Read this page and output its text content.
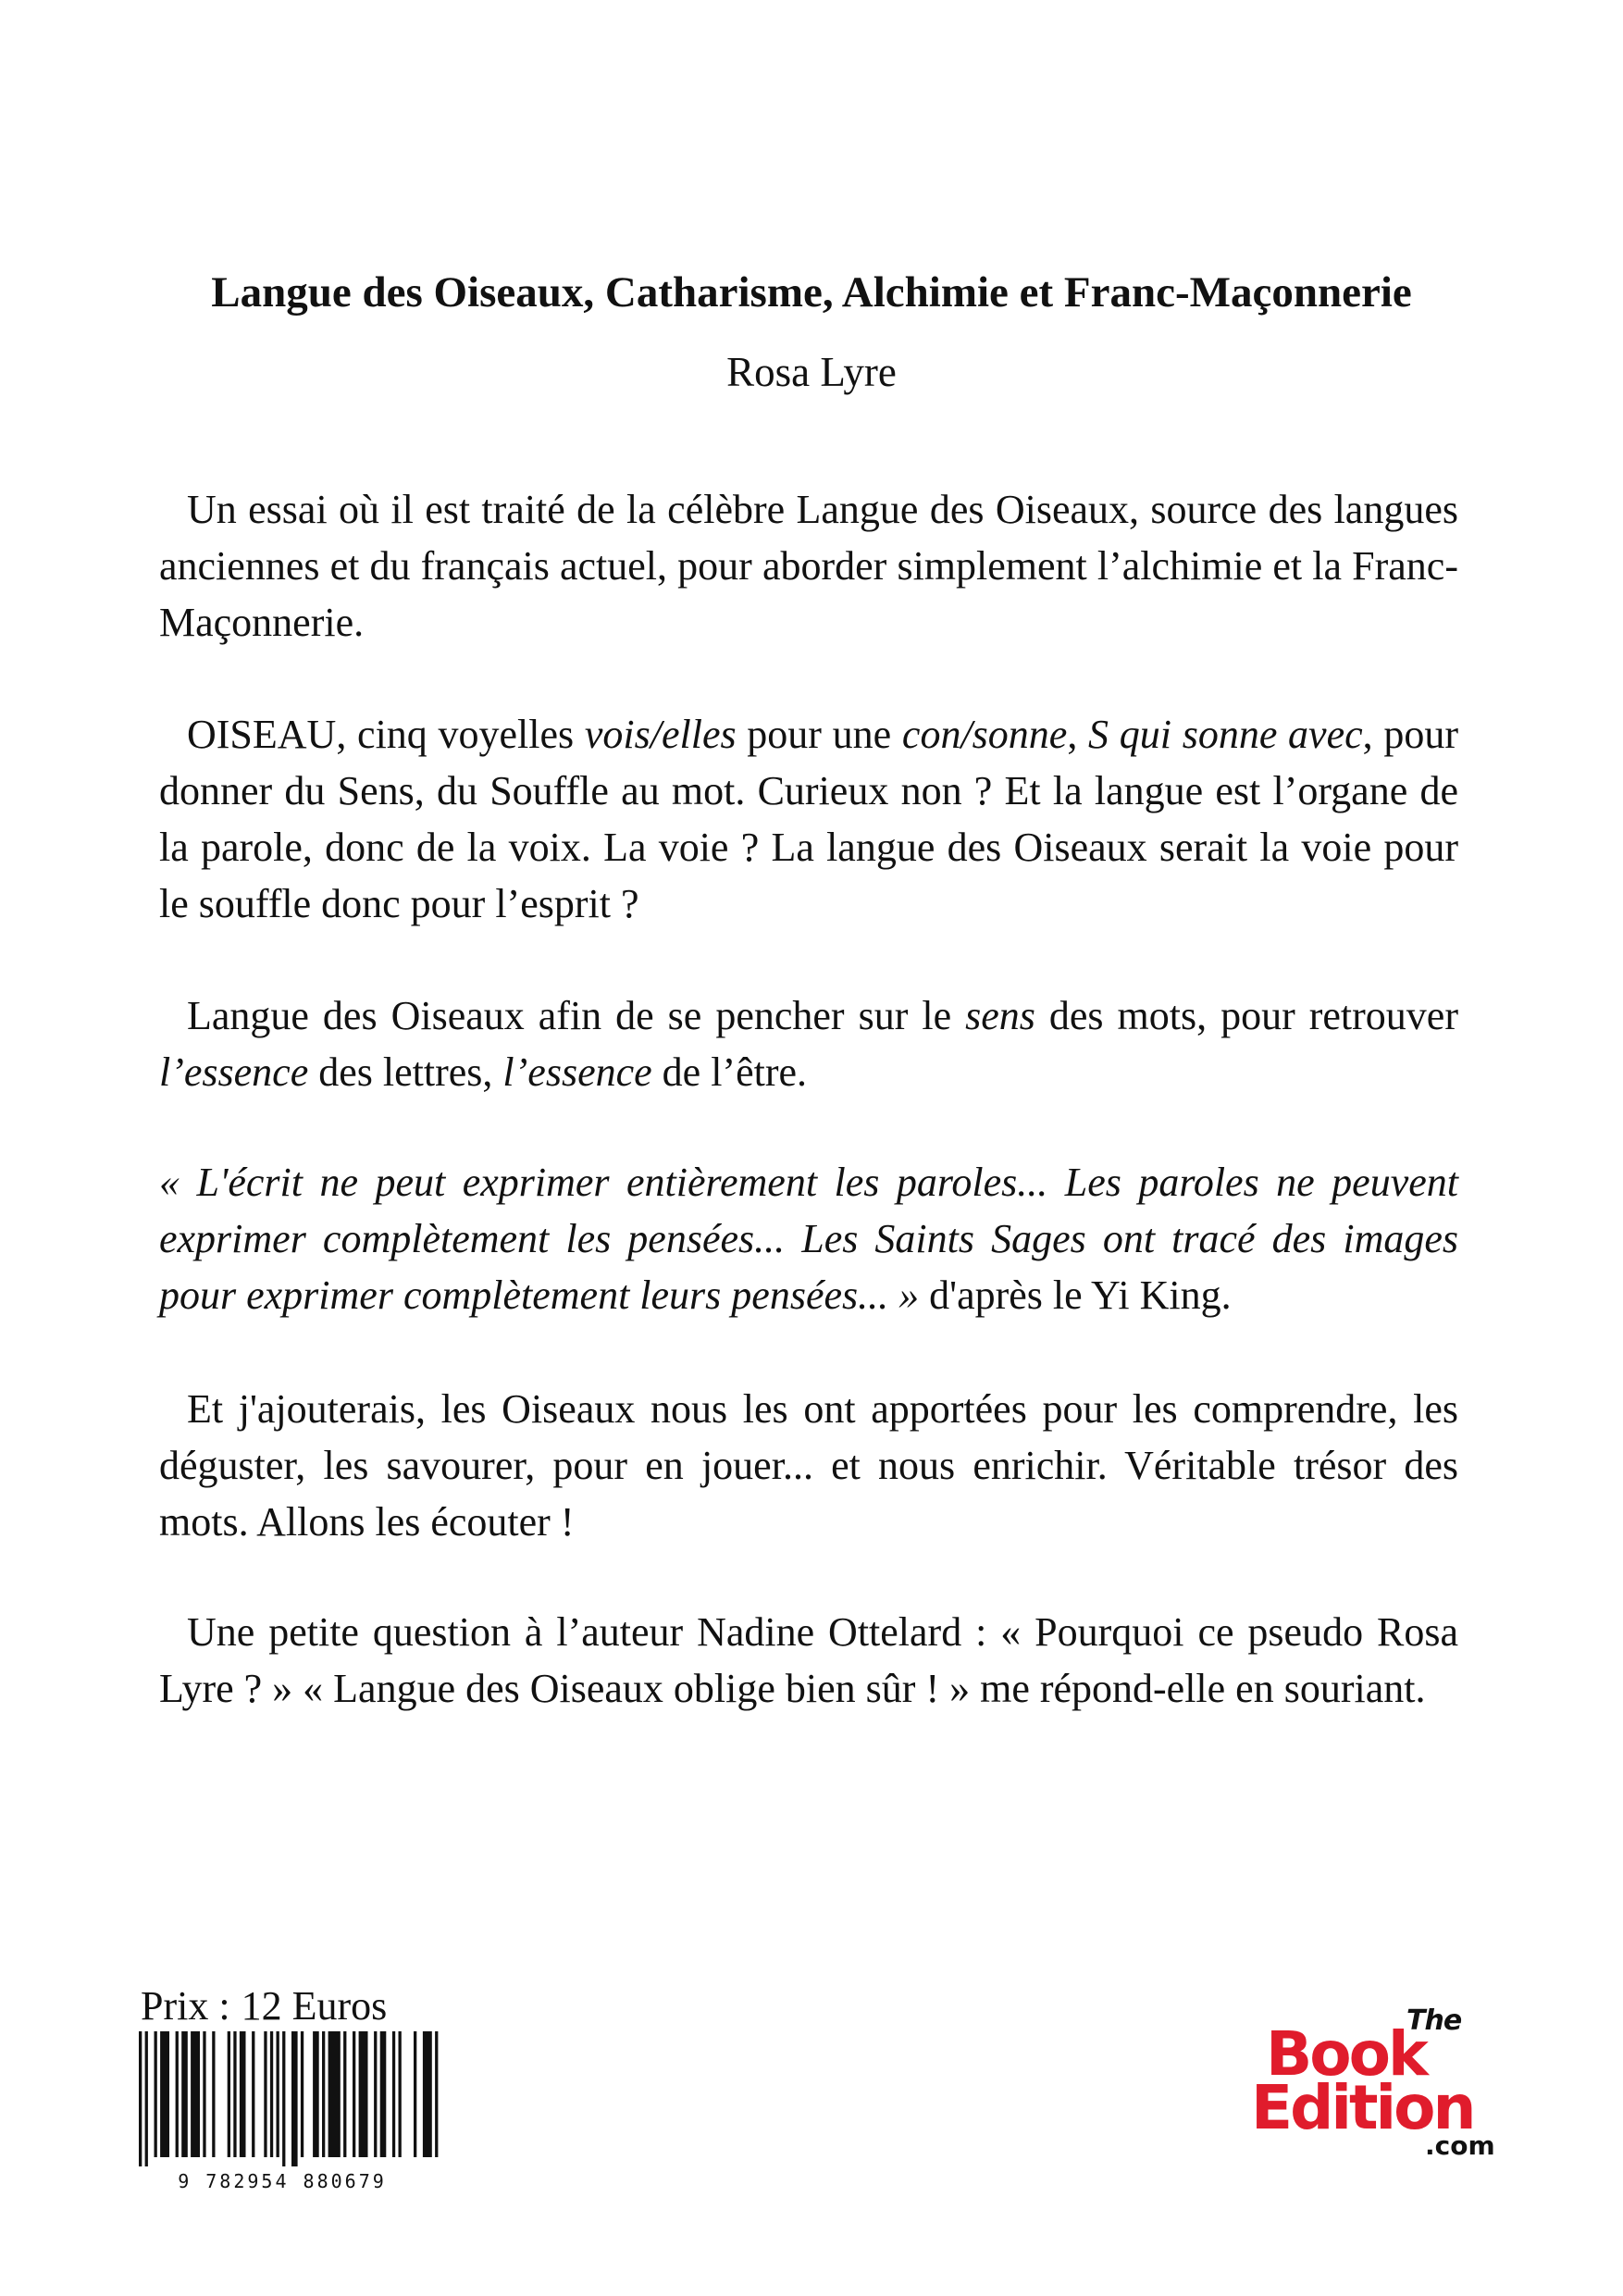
Langue des Oiseaux, Catharisme, Alchimie et Franc-Maçonnerie

Rosa Lyre

Un essai où il est traité de la célèbre Langue des Oiseaux, source des langues anciennes et du français actuel, pour aborder simplement l’alchimie et la Franc-Maçonnerie.

OISEAU, cinq voyelles vois/elles pour une con/sonne, S qui sonne avec, pour donner du Sens, du Souffle au mot. Curieux non ? Et la langue est l’organe de la parole, donc de la voix. La voie ? La langue des Oiseaux serait la voie pour le souffle donc pour l’esprit ?

Langue des Oiseaux afin de se pencher sur le sens des mots, pour retrouver l’essence des lettres, l’essence de l’être.

« L'écrit ne peut exprimer entièrement les paroles... Les paroles ne peuvent exprimer complètement les pensées... Les Saints Sages ont tracé des images pour exprimer complètement leurs pensées... » d'après le Yi King.

Et j'ajouterais, les Oiseaux nous les ont apportées pour les comprendre, les déguster, les savourer, pour en jouer... et nous enrichir. Véritable trésor des mots. Allons les écouter !

Une petite question à l’auteur Nadine Ottelard : « Pourquoi ce pseudo Rosa Lyre ? » « Langue des Oiseaux oblige bien sûr ! » me répond-elle en souriant.

Prix : 12 Euros

9 782954 880679
The
Book
Edition
.com
